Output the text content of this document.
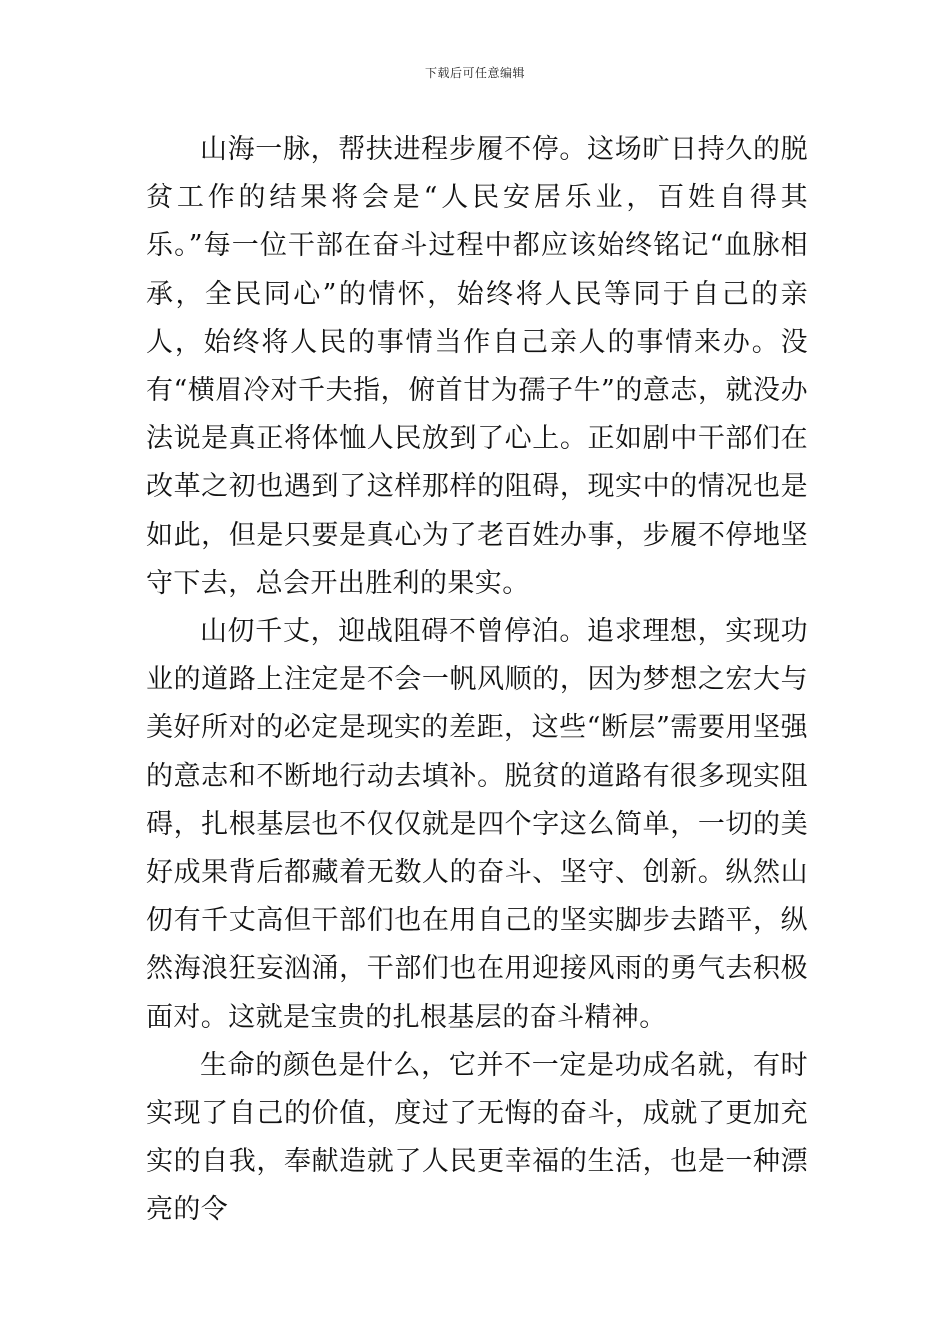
下载后可任意编辑

山海一脉，帮扶进程步履不停。这场旷日持久的脱贫工作的结果将会是“人民安居乐业，百姓自得其乐。”每一位干部在奋斗过程中都应该始终铭记“血脉相承，全民同心”的情怀，始终将人民等同于自己的亲人，始终将人民的事情当作自己亲人的事情来办。没有“横眉冷对千夫指，俯首甘为孺子牛”的意志，就没办法说是真正将体恤人民放到了心上。正如剧中干部们在改革之初也遇到了这样那样的阻碍，现实中的情况也是如此，但是只要是真心为了老百姓办事，步履不停地坚守下去，总会开出胜利的果实。

山仞千丈，迎战阻碍不曾停泊。追求理想，实现功业的道路上注定是不会一帆风顺的，因为梦想之宏大与美好所对的必定是现实的差距，这些“断层”需要用坚强的意志和不断地行动去填补。脱贫的道路有很多现实阻碍，扎根基层也不仅仅就是四个字这么简单，一切的美好成果背后都藏着无数人的奋斗、坚守、创新。纵然山仞有千丈高但干部们也在用自己的坚实脚步去踏平，纵然海浪狂妄汹涌，干部们也在用迎接风雨的勇气去积极面对。这就是宝贵的扎根基层的奋斗精神。

生命的颜色是什么，它并不一定是功成名就，有时实现了自己的价值，度过了无悔的奋斗，成就了更加充实的自我，奉献造就了人民更幸福的生活，也是一种漂亮的令
